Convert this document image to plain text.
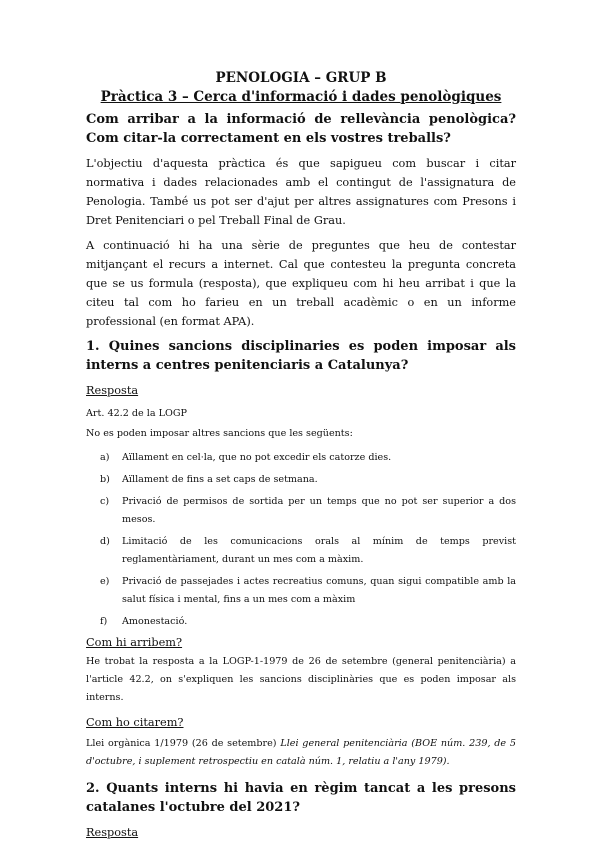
PENOLOGIA – GRUP B

Pràctica 3 – Cerca d'informació i dades penològiques

Com arribar a la informació de rellevància penològica? Com citar-la correctament en els vostres treballs?

L'objectiu d'aquesta pràctica és que sapigueu com buscar i citar normativa i dades relacionades amb el contingut de l'assignatura de Penologia. També us pot ser d'ajut per altres assignatures com Presons i Dret Penitenciari o pel Treball Final de Grau.

A continuació hi ha una sèrie de preguntes que heu de contestar mitjançant el recurs a internet. Cal que contesteu la pregunta concreta que se us formula (resposta), que expliqueu com hi heu arribat i que la citeu tal com ho farieu en un treball acadèmic o en un informe professional (en format APA).

1. Quines sancions disciplinaries es poden imposar als interns a centres penitenciaris a Catalunya?

Resposta

Art. 42.2 de la LOGP

No es poden imposar altres sancions que les següents:

a) Aïllament en cel·la, que no pot excedir els catorze dies.
b) Aïllament de fins a set caps de setmana.
c) Privació de permisos de sortida per un temps que no pot ser superior a dos mesos.
d) Limitació de les comunicacions orals al mínim de temps previst reglamentàriament, durant un mes com a màxim.
e) Privació de passejades i actes recreatius comuns, quan sigui compatible amb la salut física i mental, fins a un mes com a màxim
f) Amonestació.

Com hi arribem?

He trobat la resposta a la LOGP-1-1979 de 26 de setembre (general penitenciària) a l'article 42.2, on s'expliquen les sancions disciplinàries que es poden imposar als interns.

Com ho citarem?

Llei orgànica 1/1979 (26 de setembre) Llei general penitenciària (BOE núm. 239, de 5 d'octubre, i suplement retrospectiu en català núm. 1, relatiu a l'any 1979).

2. Quants interns hi havia en règim tancat a les presons catalanes l'octubre del 2021?

Resposta
